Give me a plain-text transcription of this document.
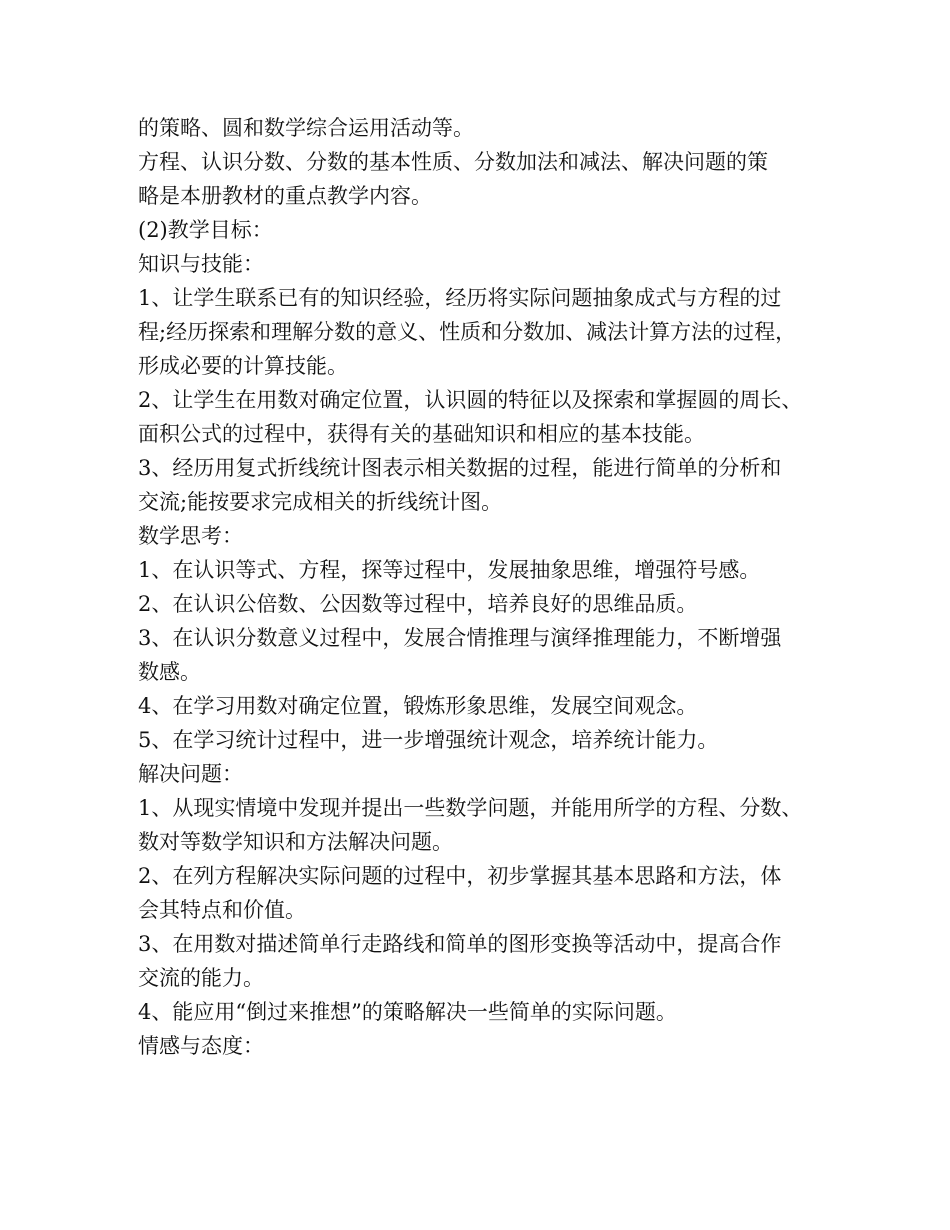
的策略、圆和数学综合运用活动等。
方程、认识分数、分数的基本性质、分数加法和减法、解决问题的策
略是本册教材的重点教学内容。
(2)教学目标：
知识与技能：
1、让学生联系已有的知识经验，经历将实际问题抽象成式与方程的过
程;经历探索和理解分数的意义、性质和分数加、减法计算方法的过程，
形成必要的计算技能。
2、让学生在用数对确定位置，认识圆的特征以及探索和掌握圆的周长、
面积公式的过程中，获得有关的基础知识和相应的基本技能。
3、经历用复式折线统计图表示相关数据的过程，能进行简单的分析和
交流;能按要求完成相关的折线统计图。
数学思考：
1、在认识等式、方程，探等过程中，发展抽象思维，增强符号感。
2、在认识公倍数、公因数等过程中，培养良好的思维品质。
3、在认识分数意义过程中，发展合情推理与演绎推理能力，不断增强
数感。
4、在学习用数对确定位置，锻炼形象思维，发展空间观念。
5、在学习统计过程中，进一步增强统计观念，培养统计能力。
解决问题：
1、从现实情境中发现并提出一些数学问题，并能用所学的方程、分数、
数对等数学知识和方法解决问题。
2、在列方程解决实际问题的过程中，初步掌握其基本思路和方法，体
会其特点和价值。
3、在用数对描述简单行走路线和简单的图形变换等活动中，提高合作
交流的能力。
4、能应用“倒过来推想”的策略解决一些简单的实际问题。
情感与态度：
